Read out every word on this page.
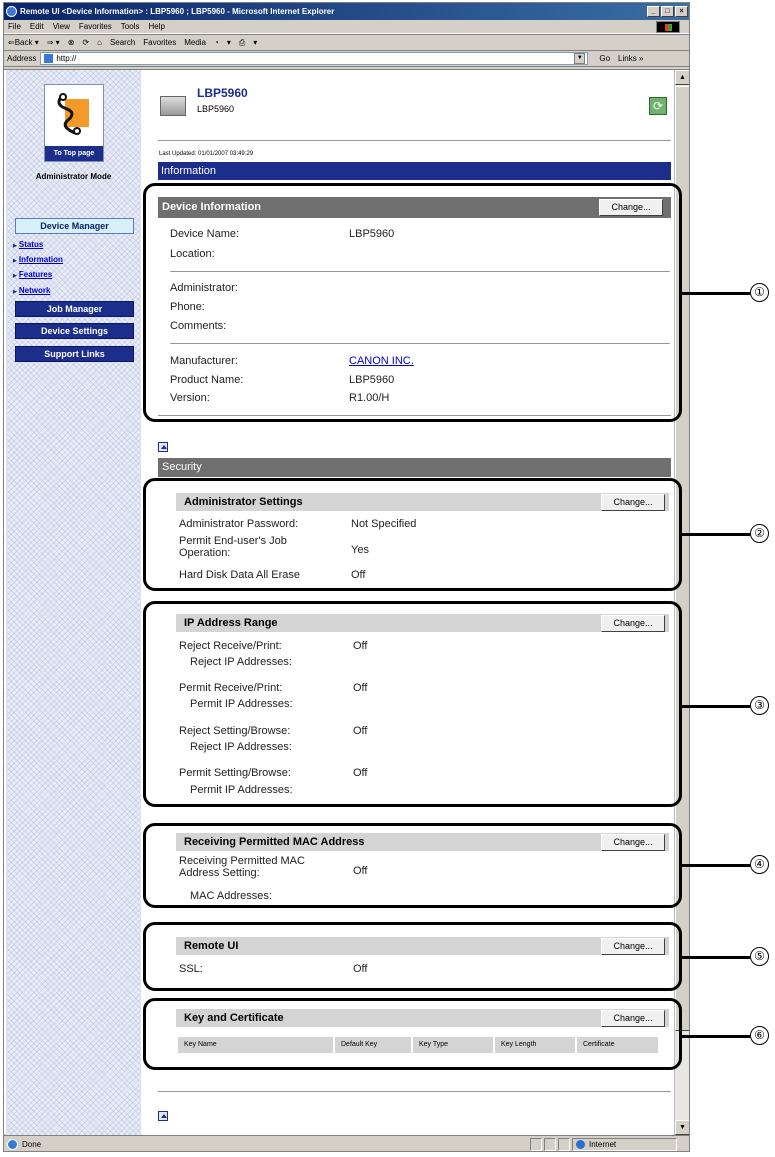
Remote UI <Device Information> : LBP5960 ; LBP5960 - Microsoft Internet Explorer	_	□	×
File Edit View Favorites Tools Help
⇐Back ▾ ⇒ ▾ ⊗ ⟳ ⌂ Search Favorites Media ◔ ▾ ⎙ ▾
Address	http://	▼	Go Links »
To Top page
Administrator Mode
Device Manager
▶ Status
▶ Information
▶ Features
▶ Network
Job Manager
Device Settings
Support Links
LBP5960
LBP5960	⟳
Last Updated: 01/01/2007 03:49:29
Information
Device Information	Change...
Device Name:	LBP5960
Location:
Administrator:
Phone:
Comments:
Manufacturer:	CANON INC.
Product Name:	LBP5960
Version:	R1.00/H
Security
Administrator Settings	Change...
Administrator Password:	Not Specified
Permit End-user's Job Operation:	Yes
Hard Disk Data All Erase	Off
IP Address Range	Change...
Reject Receive/Print:	Off
Reject IP Addresses:
Permit Receive/Print:	Off
Permit IP Addresses:
Reject Setting/Browse:	Off
Reject IP Addresses:
Permit Setting/Browse:	Off
Permit IP Addresses:
Receiving Permitted MAC Address	Change...
Receiving Permitted MAC Address Setting:	Off
MAC Addresses:
Remote UI	Change...
SSL:	Off
Key and Certificate	Change...
Key Name	Default Key	Key Type	Key Length	Certificate
▲
▼
Done	Internet
①
②
③
④
⑤
⑥
